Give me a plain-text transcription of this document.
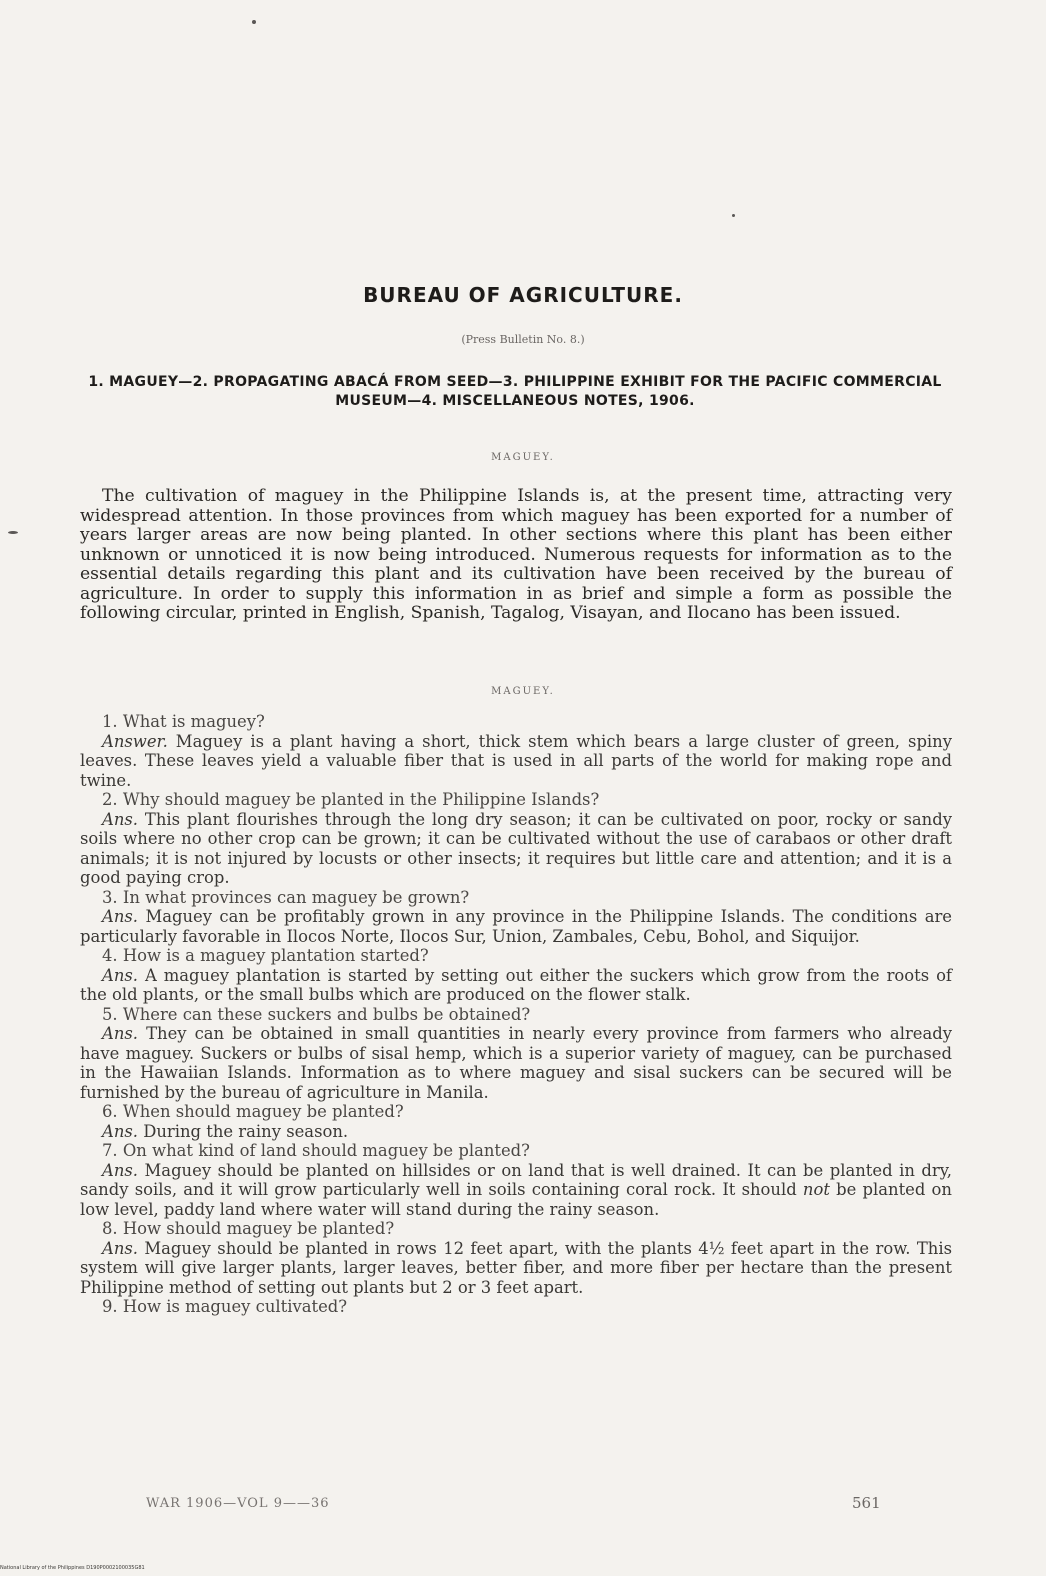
BUREAU OF AGRICULTURE.
(Press Bulletin No. 8.)
1. MAGUEY—2. PROPAGATING ABACÁ FROM SEED—3. PHILIPPINE EXHIBIT FOR THE PACIFIC COMMERCIAL MUSEUM—4. MISCELLANEOUS NOTES, 1906.
MAGUEY.

The cultivation of maguey in the Philippine Islands is, at the present time, attracting very widespread attention. In those provinces from which maguey has been exported for a number of years larger areas are now being planted. In other sections where this plant has been either unknown or unnoticed it is now being introduced. Numerous requests for information as to the essential details regarding this plant and its cultivation have been received by the bureau of agriculture. In order to supply this information in as brief and simple a form as possible the following circular, printed in English, Spanish, Tagalog, Visayan, and Ilocano has been issued.

MAGUEY.

1. What is maguey?

Answer. Maguey is a plant having a short, thick stem which bears a large cluster of green, spiny leaves. These leaves yield a valuable fiber that is used in all parts of the world for making rope and twine.

2. Why should maguey be planted in the Philippine Islands?

Ans. This plant flourishes through the long dry season; it can be cultivated on poor, rocky or sandy soils where no other crop can be grown; it can be cultivated without the use of carabaos or other draft animals; it is not injured by locusts or other insects; it requires but little care and attention; and it is a good paying crop.

3. In what provinces can maguey be grown?

Ans. Maguey can be profitably grown in any province in the Philippine Islands. The conditions are particularly favorable in Ilocos Norte, Ilocos Sur, Union, Zambales, Cebu, Bohol, and Siquijor.

4. How is a maguey plantation started?

Ans. A maguey plantation is started by setting out either the suckers which grow from the roots of the old plants, or the small bulbs which are produced on the flower stalk.

5. Where can these suckers and bulbs be obtained?

Ans. They can be obtained in small quantities in nearly every province from farmers who already have maguey. Suckers or bulbs of sisal hemp, which is a superior variety of maguey, can be purchased in the Hawaiian Islands. Information as to where maguey and sisal suckers can be secured will be furnished by the bureau of agriculture in Manila.

6. When should maguey be planted?

Ans. During the rainy season.

7. On what kind of land should maguey be planted?

Ans. Maguey should be planted on hillsides or on land that is well drained. It can be planted in dry, sandy soils, and it will grow particularly well in soils containing coral rock. It should not be planted on low level, paddy land where water will stand during the rainy season.

8. How should maguey be planted?

Ans. Maguey should be planted in rows 12 feet apart, with the plants 4½ feet apart in the row. This system will give larger plants, larger leaves, better fiber, and more fiber per hectare than the present Philippine method of setting out plants but 2 or 3 feet apart.

9. How is maguey cultivated?

WAR 1906—VOL 9——36	561
National Library of the Philippines D190P0002100035G81
